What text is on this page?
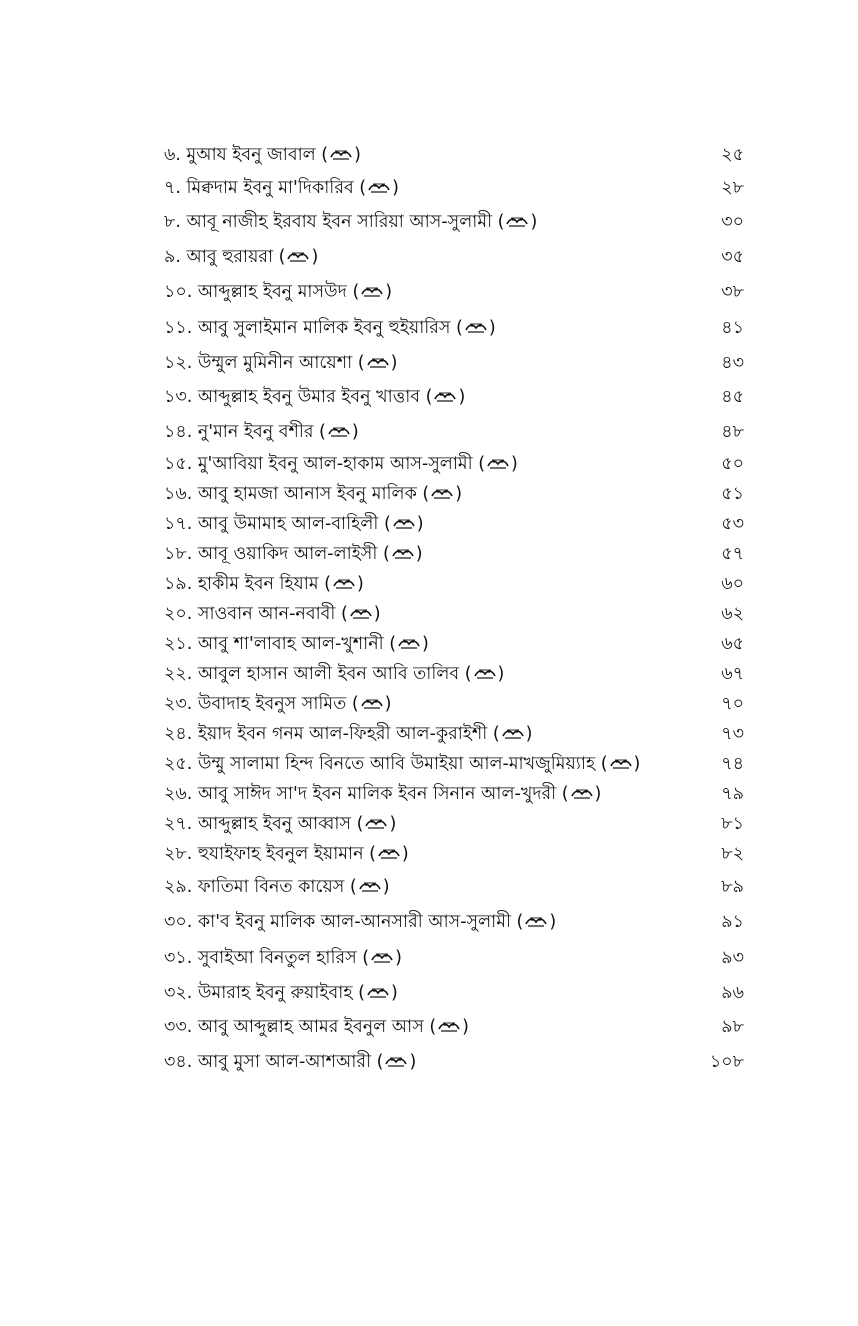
৬. মুআয ইবনু জাবাল ( )	২৫
৭. মিক্বদাম ইবনু মা'দিকারিব ( )	২৮
৮. আবূ নাজীহ ইরবায ইবন সারিয়া আস-সুলামী ( )	৩০
৯. আবু হুরায়রা ( )	৩৫
১০. আব্দুল্লাহ ইবনু মাসউদ ( )	৩৮
১১. আবু সুলাইমান মালিক ইবনু হুইয়ারিস ( )	৪১
১২. উম্মুল মুমিনীন আয়েশা ( )	৪৩
১৩. আব্দুল্লাহ ইবনু উমার ইবনু খাত্তাব ( )	৪৫
১৪. নু'মান ইবনু বশীর ( )	৪৮
১৫. মু'আবিয়া ইবনু আল-হাকাম আস-সুলামী ( )	৫০
১৬. আবু হামজা আনাস ইবনু মালিক ( )	৫১
১৭. আবু উমামাহ আল-বাহিলী ( )	৫৩
১৮. আবূ ওয়াকিদ আল-লাইসী ( )	৫৭
১৯. হাকীম ইবন হিযাম ( )	৬০
২০. সাওবান আন-নবাবী ( )	৬২
২১. আবু শা'লাবাহ আল-খুশানী ( )	৬৫
২২. আবুল হাসান আলী ইবন আবি তালিব ( )	৬৭
২৩. উবাদাহ ইবনুস সামিত ( )	৭০
২৪. ইয়াদ ইবন গনম আল-ফিহরী আল-কুরাইশী ( )	৭৩
২৫. উম্মু সালামা হিন্দ বিনতে আবি উমাইয়া আল-মাখজুমিয়্যাহ ( )	৭৪
২৬. আবু সাঈদ সা'দ ইবন মালিক ইবন সিনান আল-খুদরী ( )	৭৯
২৭. আব্দুল্লাহ ইবনু আব্বাস ( )	৮১
২৮. হুযাইফাহ ইবনুল ইয়ামান ( )	৮২
২৯. ফাতিমা বিনত কায়েস ( )	৮৯
৩০. কা'ব ইবনু মালিক আল-আনসারী আস-সুলামী ( )	৯১
৩১. সুবাইআ বিনতুল হারিস ( )	৯৩
৩২. উমারাহ ইবনু রুয়াইবাহ ( )	৯৬
৩৩. আবু আব্দুল্লাহ আমর ইবনুল আস ( )	৯৮
৩৪. আবু মুসা আল-আশআরী ( )	১০৮
